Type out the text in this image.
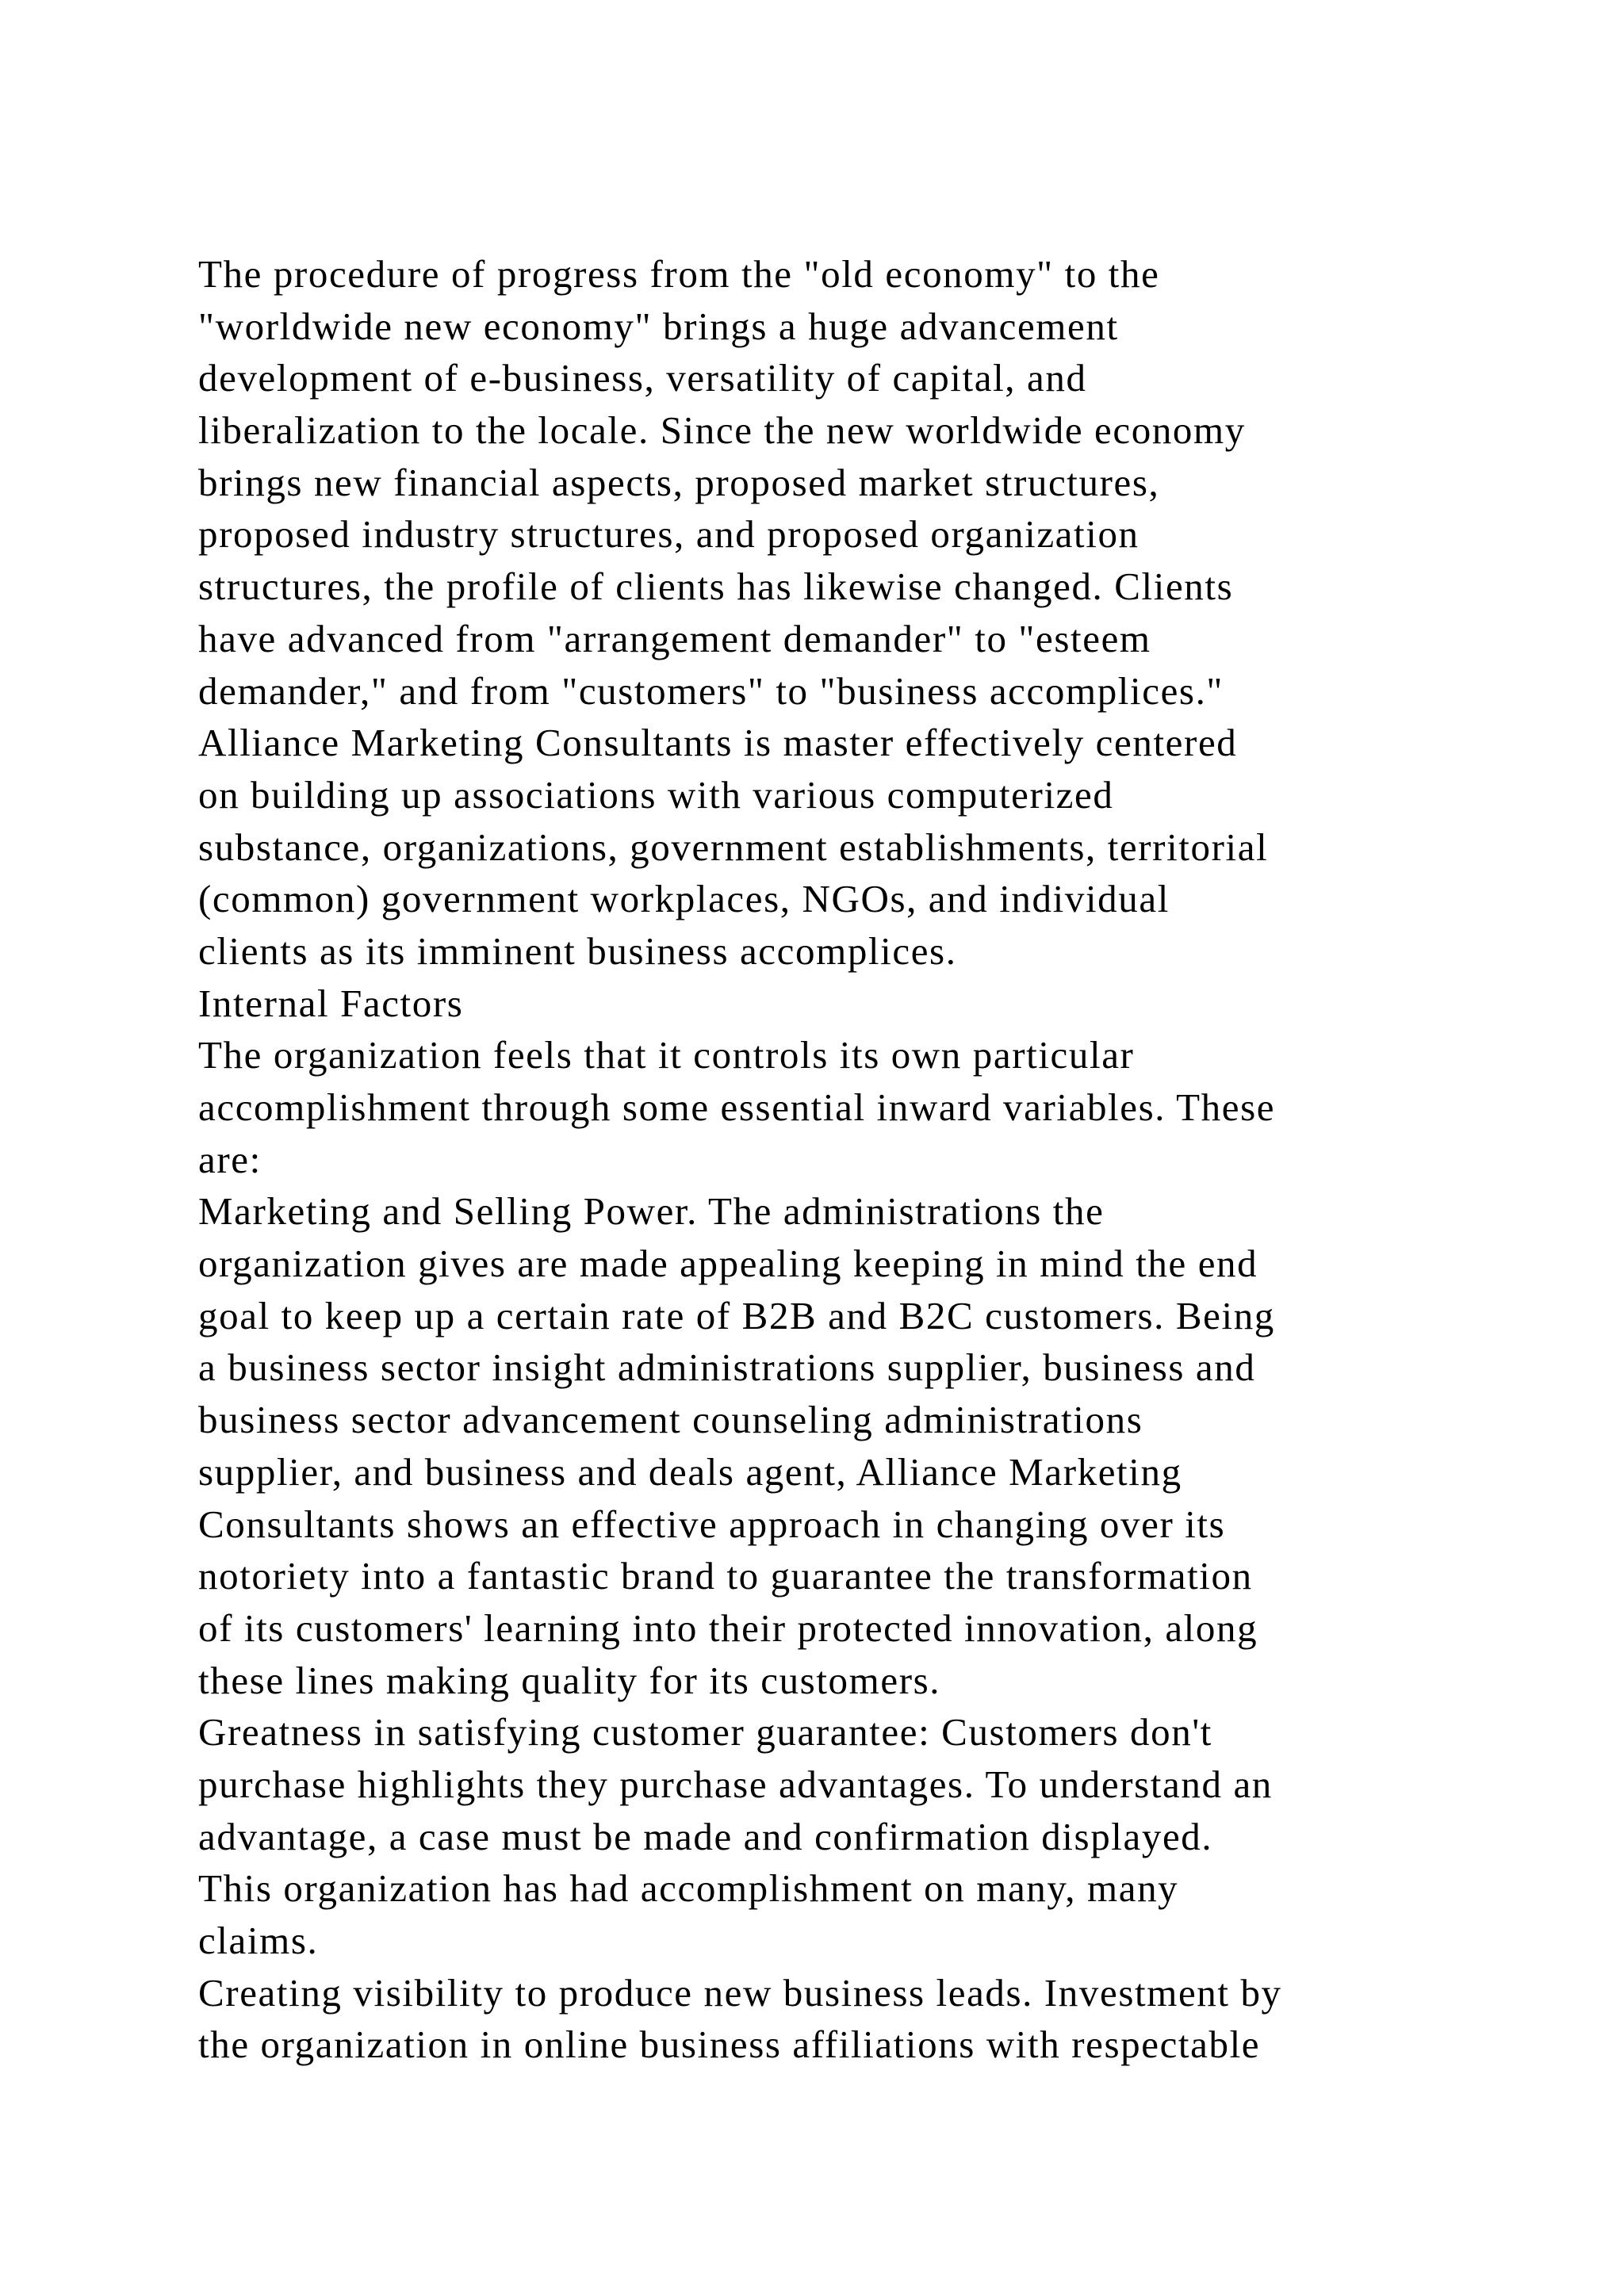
The procedure of progress from the "old economy" to the
"worldwide new economy" brings a huge advancement
development of e-business, versatility of capital, and
liberalization to the locale. Since the new worldwide economy
brings new financial aspects, proposed market structures,
proposed industry structures, and proposed organization
structures, the profile of clients has likewise changed. Clients
have advanced from "arrangement demander" to "esteem
demander," and from "customers" to "business accomplices."
Alliance Marketing Consultants is master effectively centered
on building up associations with various computerized
substance, organizations, government establishments, territorial
(common) government workplaces, NGOs, and individual
clients as its imminent business accomplices.
Internal Factors
The organization feels that it controls its own particular
accomplishment through some essential inward variables. These
are:
Marketing and Selling Power. The administrations the
organization gives are made appealing keeping in mind the end
goal to keep up a certain rate of B2B and B2C customers. Being
a business sector insight administrations supplier, business and
business sector advancement counseling administrations
supplier, and business and deals agent, Alliance Marketing
Consultants shows an effective approach in changing over its
notoriety into a fantastic brand to guarantee the transformation
of its customers' learning into their protected innovation, along
these lines making quality for its customers.
Greatness in satisfying customer guarantee: Customers don't
purchase highlights they purchase advantages. To understand an
advantage, a case must be made and confirmation displayed.
This organization has had accomplishment on many, many
claims.
Creating visibility to produce new business leads. Investment by
the organization in online business affiliations with respectable
